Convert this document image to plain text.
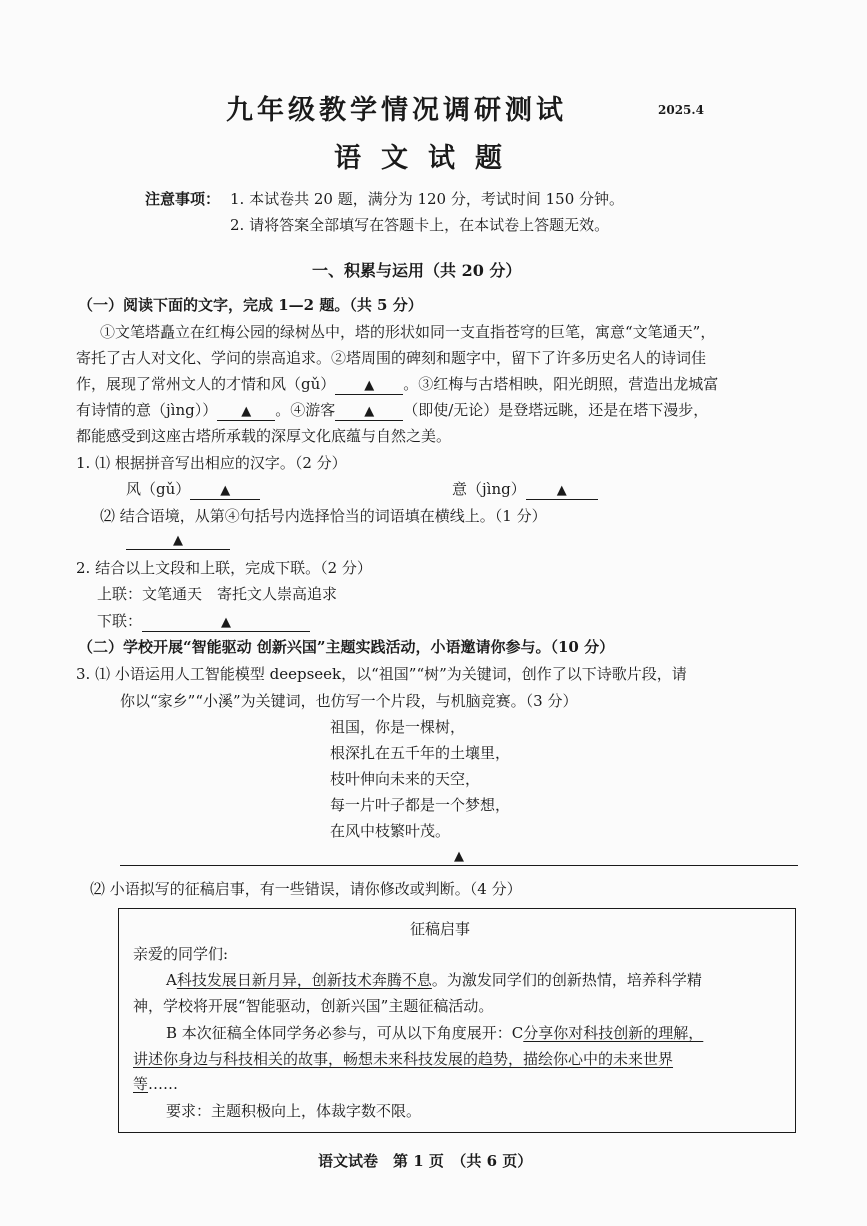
九年级教学情况调研测试	2025.4
语文试题
注意事项： 1. 本试卷共 20 题，满分为 120 分，考试时间 150 分钟。
2. 请将答案全部填写在答题卡上，在本试卷上答题无效。
一、积累与运用（共 20 分）
（一）阅读下面的文字，完成 1—2 题。（共 5 分）
①文笔塔矗立在红梅公园的绿树丛中，塔的形状如同一支直指苍穹的巨笔，寓意“文笔通天”，
寄托了古人对文化、学问的崇高追求。②塔周围的碑刻和题字中，留下了许多历史名人的诗词佳
作，展现了常州文人的才情和风（gǔ） ▲ 。③红梅与古塔相映，阳光朗照，营造出龙城富
有诗情的意（jìng）） ▲ 。④游客 ▲ （即使/无论）是登塔远眺，还是在塔下漫步，
都能感受到这座古塔所承载的深厚文化底蕴与自然之美。
1. ⑴ 根据拼音写出相应的汉字。（2 分）
风（gǔ） ▲	意（jìng） ▲
⑵ 结合语境，从第④句括号内选择恰当的词语填在横线上。（1 分）
▲
2. 结合以上文段和上联，完成下联。（2 分）
上联：文笔通天　寄托文人崇高追求
下联：	▲
（二）学校开展“智能驱动 创新兴国”主题实践活动，小语邀请你参与。（10 分）
3. ⑴ 小语运用人工智能模型 deepseek，以“祖国”“树”为关键词，创作了以下诗歌片段，请
你以“家乡”“小溪”为关键词，也仿写一个片段，与机脑竞赛。（3 分）
祖国，你是一棵树，
根深扎在五千年的土壤里，
枝叶伸向未来的天空，
每一片叶子都是一个梦想，
在风中枝繁叶茂。
▲
⑵ 小语拟写的征稿启事，有一些错误，请你修改或判断。（4 分）
征稿启事
亲爱的同学们:
A科技发展日新月异，创新技术奔腾不息。为激发同学们的创新热情，培养科学精
神，学校将开展“智能驱动，创新兴国”主题征稿活动。
B 本次征稿全体同学务必参与，可从以下角度展开：C分享你对科技创新的理解，
讲述你身边与科技相关的故事，畅想未来科技发展的趋势，描绘你心中的未来世界
等……
要求：主题积极向上，体裁字数不限。
语文试卷　第 1 页　（共 6 页）
